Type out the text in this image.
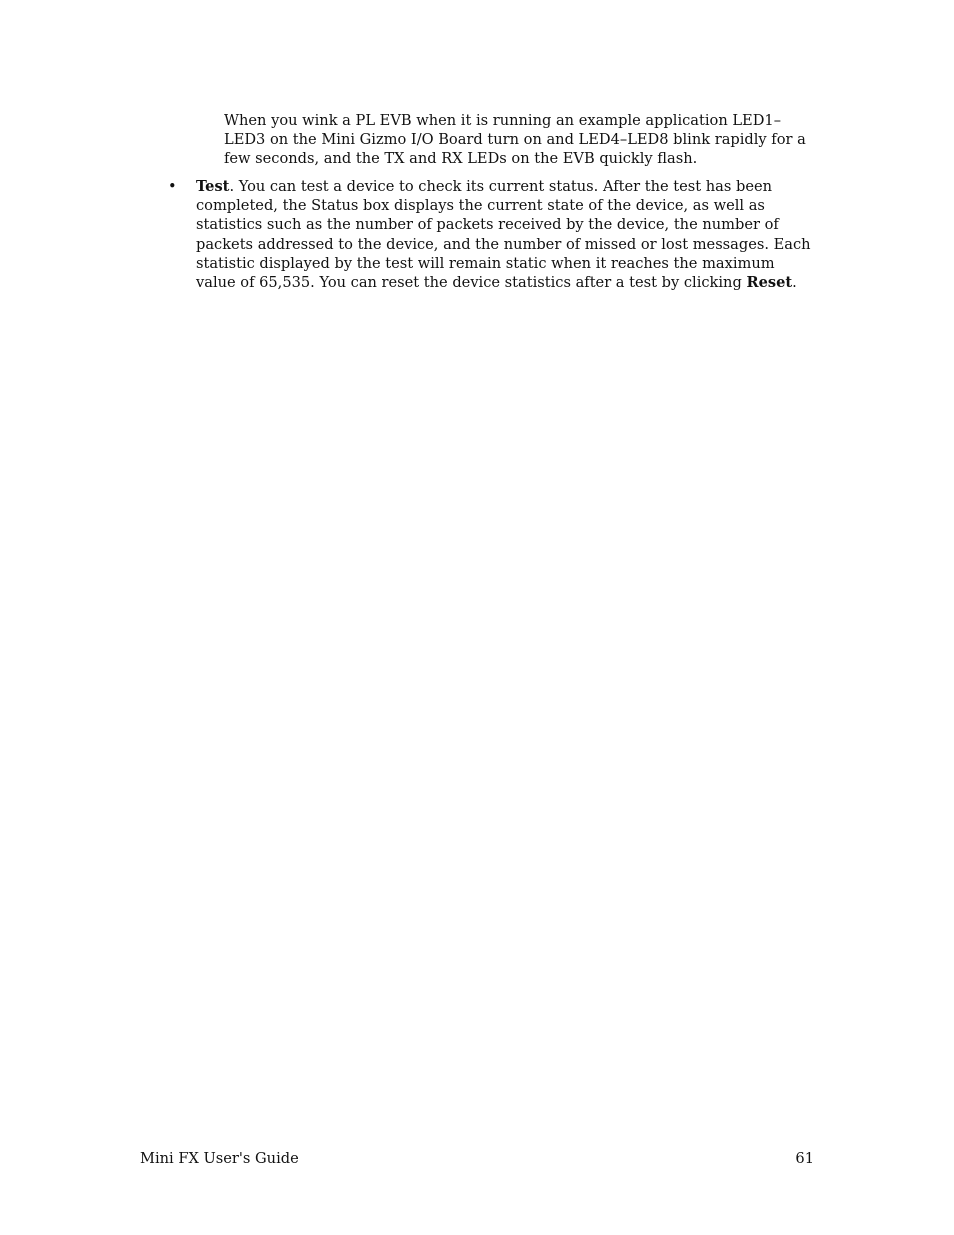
When you wink a PL EVB when it is running an example application LED1–LED3 on the Mini Gizmo I/O Board turn on and LED4–LED8 blink rapidly for a few seconds, and the TX and RX LEDs on the EVB quickly flash.

•	Test. You can test a device to check its current status. After the test has been completed, the Status box displays the current state of the device, as well as statistics such as the number of packets received by the device, the number of packets addressed to the device, and the number of missed or lost messages. Each statistic displayed by the test will remain static when it reaches the maximum value of 65,535. You can reset the device statistics after a test by clicking Reset.

Mini FX User's Guide	61
